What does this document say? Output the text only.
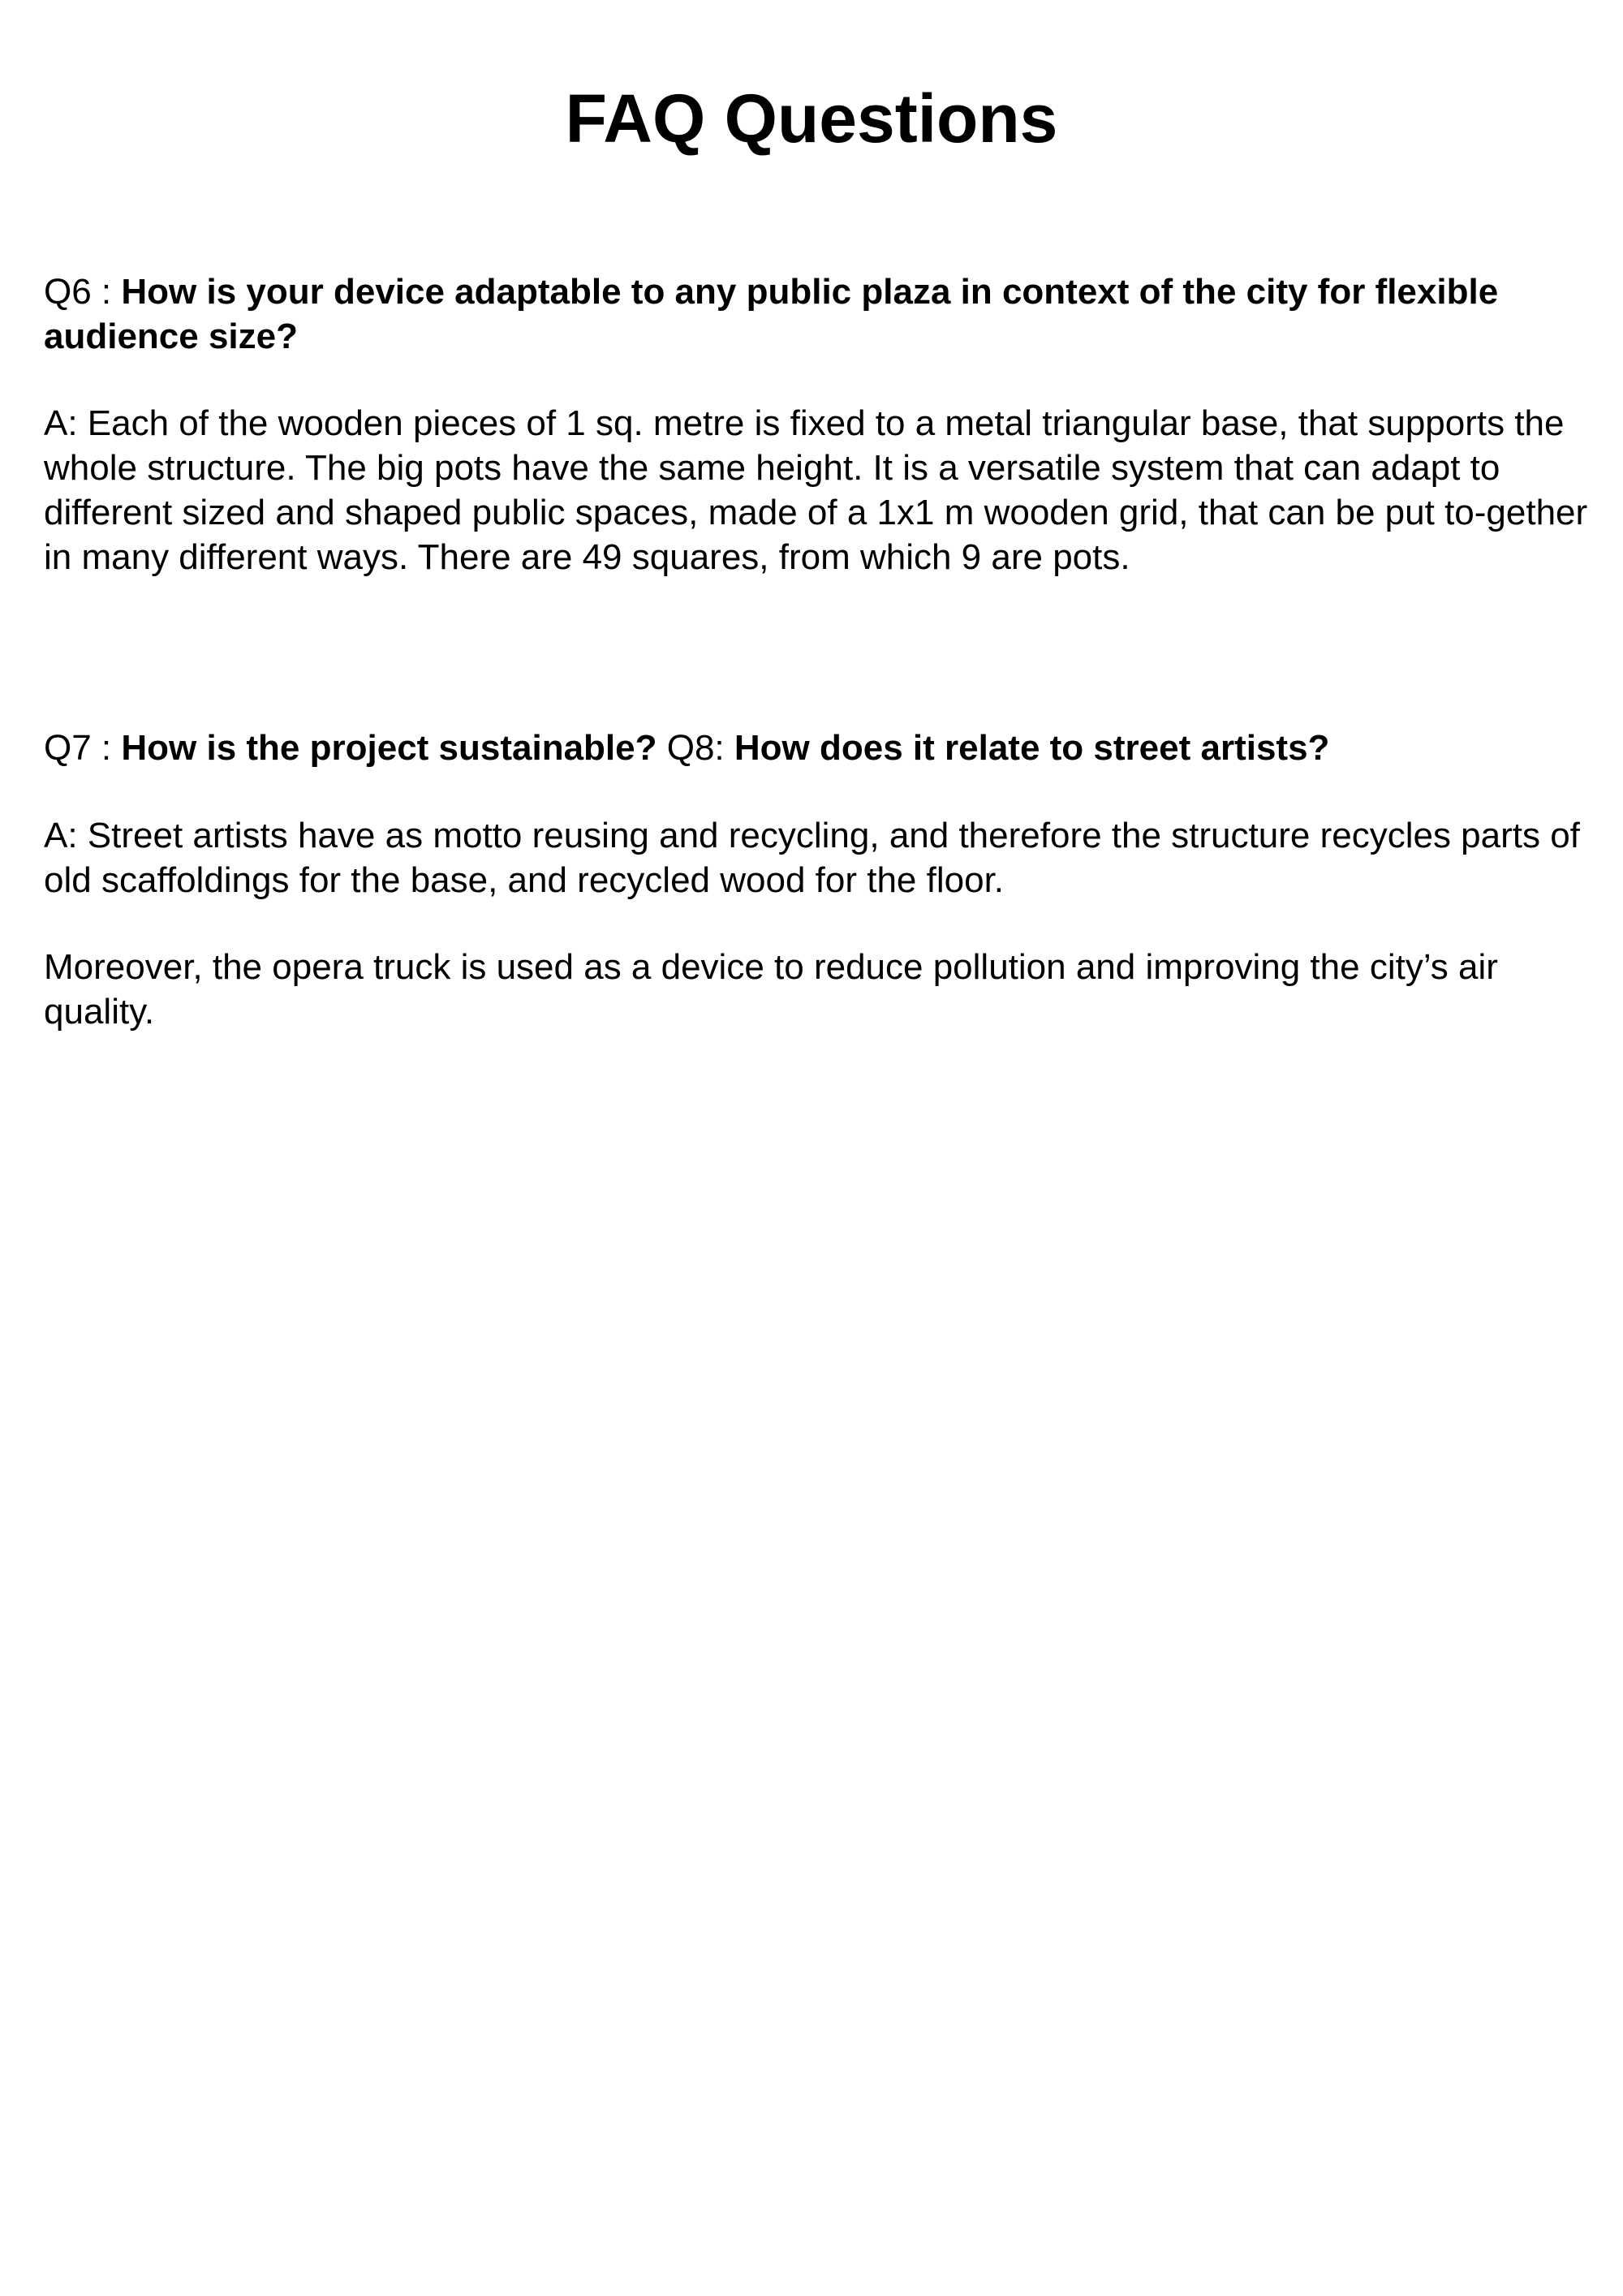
FAQ Questions

Q6 : How is your device adaptable to any public plaza in context of the city for flexible audience size?

A: Each of the wooden pieces of 1 sq. metre is fixed to a metal triangular base, that supports the whole structure. The big pots have the same height. It is a versatile system that can adapt to different sized and shaped public spaces, made of a 1x1 m wooden grid, that can be put to-gether in many different ways. There are 49 squares, from which 9 are pots.

Q7 : How is the project sustainable? Q8: How does it relate to street artists?

A: Street artists have as motto reusing and recycling, and therefore the structure recycles parts of old scaffoldings for the base, and recycled wood for the floor.

Moreover, the opera truck is used as a device to reduce pollution and improving the city’s air quality.
